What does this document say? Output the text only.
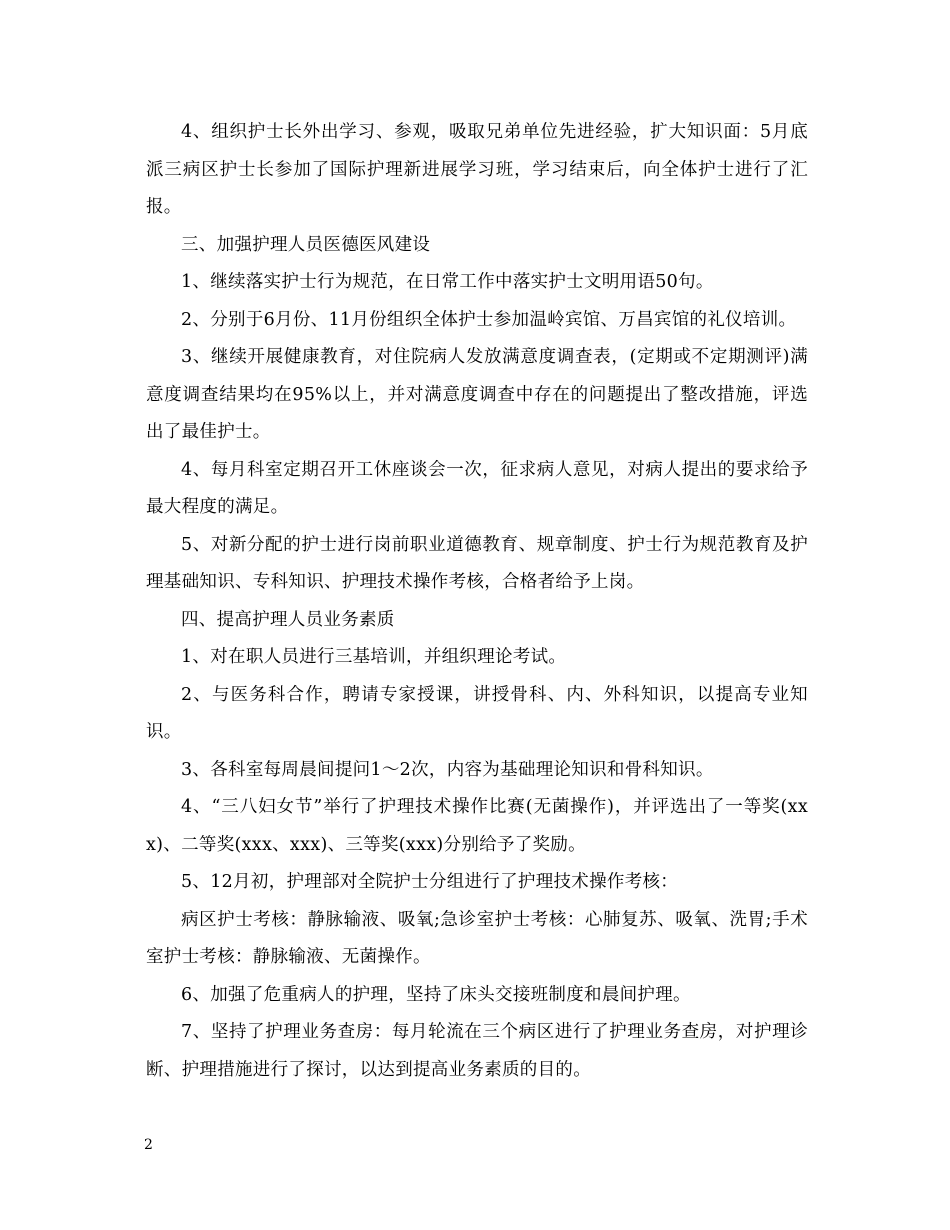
4、组织护士长外出学习、参观，吸取兄弟单位先进经验，扩大知识面：5月底派三病区护士长参加了国际护理新进展学习班，学习结束后，向全体护士进行了汇报。

三、加强护理人员医德医风建设

1、继续落实护士行为规范，在日常工作中落实护士文明用语50句。

2、分别于6月份、11月份组织全体护士参加温岭宾馆、万昌宾馆的礼仪培训。

3、继续开展健康教育，对住院病人发放满意度调查表，(定期或不定期测评)满意度调查结果均在95%以上，并对满意度调查中存在的问题提出了整改措施，评选出了最佳护士。

4、每月科室定期召开工休座谈会一次，征求病人意见，对病人提出的要求给予最大程度的满足。

5、对新分配的护士进行岗前职业道德教育、规章制度、护士行为规范教育及护理基础知识、专科知识、护理技术操作考核，合格者给予上岗。

四、提高护理人员业务素质

1、对在职人员进行三基培训，并组织理论考试。

2、与医务科合作，聘请专家授课，讲授骨科、内、外科知识，以提高专业知识。

3、各科室每周晨间提问1～2次，内容为基础理论知识和骨科知识。

4、“三八妇女节”举行了护理技术操作比赛(无菌操作)，并评选出了一等奖(xxx)、二等奖(xxx、xxx)、三等奖(xxx)分别给予了奖励。

5、12月初，护理部对全院护士分组进行了护理技术操作考核：

病区护士考核：静脉输液、吸氧;急诊室护士考核：心肺复苏、吸氧、洗胃;手术室护士考核：静脉输液、无菌操作。

6、加强了危重病人的护理，坚持了床头交接班制度和晨间护理。

7、坚持了护理业务查房：每月轮流在三个病区进行了护理业务查房，对护理诊断、护理措施进行了探讨，以达到提高业务素质的目的。

2
